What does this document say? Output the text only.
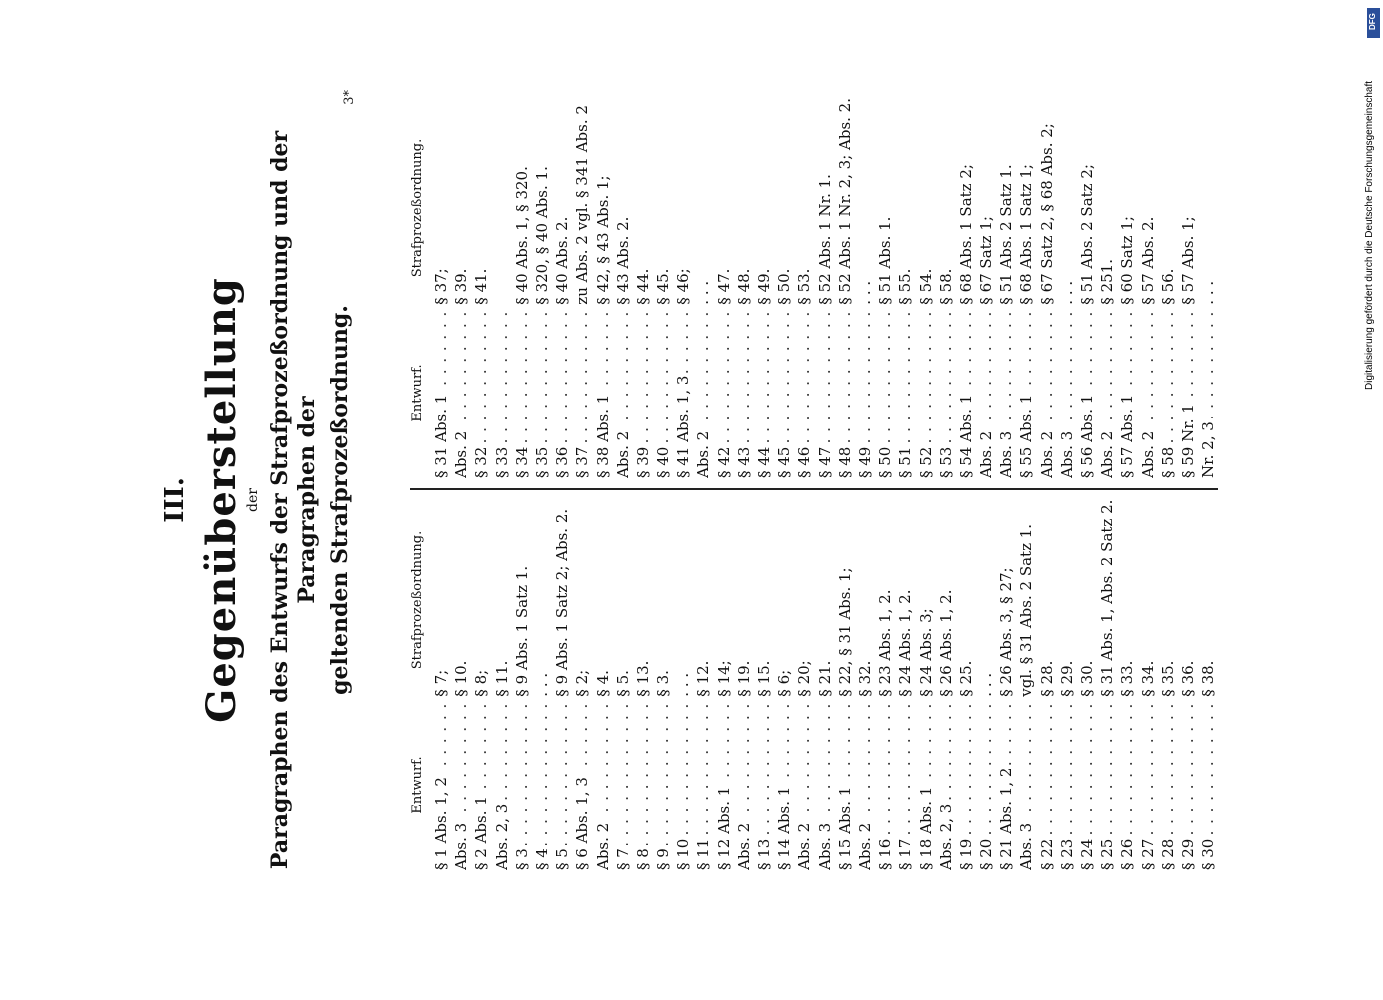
III. Gegenüberstellung der Paragraphen des Entwurfs der Strafprozeßordnung und der Paragraphen der geltenden Strafprozeßordnung.
3*
Entwurf.
Strafprozeßordnung.
§ 1 Abs. 1, 2 . . .
§ 7;
Abs. 3 . . .
§ 10.
§ 2 Abs. 1 . . .
§ 8;
Abs. 2, 3 . . .
§ 11.
§ 3 . . .
§ 9 Abs. 1 Satz 1.
§ 4 . . .
. . .
§ 5 . . .
§ 9 Abs. 1 Satz 2; Abs. 2.
§ 6 Abs. 1, 3 . . .
§ 2;
Abs. 2 . . .
§ 4.
§ 7 . . .
§ 5.
§ 8 . . .
§ 13.
§ 9 . . .
§ 3.
§ 10 . . .
. . .
§ 11 . . .
§ 12.
§ 12 Abs. 1 . . .
§ 14;
Abs. 2 . . .
§ 19.
§ 13 . . .
§ 15.
§ 14 Abs. 1 . . .
§ 6;
Abs. 2 . . .
§ 20;
Abs. 3 . . .
§ 21.
§ 15 Abs. 1 . . .
§ 22, § 31 Abs. 1;
Abs. 2 . . .
§ 32.
§ 16 . . .
§ 23 Abs. 1, 2.
§ 17 . . .
§ 24 Abs. 1, 2.
§ 18 Abs. 1 . . .
§ 24 Abs. 3;
Abs. 2, 3 . . .
§ 26 Abs. 1, 2.
§ 19 . . .
§ 25.
§ 20 . . .
. . .
§ 21 Abs. 1, 2 . . .
§ 26 Abs. 3, § 27;
Abs. 3 . . .
vgl. § 31 Abs. 2 Satz 1.
§ 22 . . .
§ 28.
§ 23 . . .
§ 29.
§ 24 . . .
§ 30.
§ 25 . . .
§ 31 Abs. 1, Abs. 2 Satz 2.
§ 26 . . .
§ 33.
§ 27 . . .
§ 34.
§ 28 . . .
§ 35.
§ 29 . . .
§ 36.
§ 30 . . .
§ 38.
Entwurf.
Strafprozeßordnung.
§ 31 Abs. 1 . . .
§ 37;
Abs. 2 . . .
§ 39.
§ 32 . . .
§ 41.
§ 33 . . . § 34 . . .
§ 40 Abs. 1, § 320.
§ 35 . . .
§ 320, § 40 Abs. 1.
§ 36 . . .
§ 40 Abs. 2.
§ 37 . . .
zu Abs. 2 vgl. § 341 Abs. 2
§ 38 Abs. 1 . . .
§ 42, § 43 Abs. 1;
Abs. 2 . . .
§ 43 Abs. 2.
§ 39 . . .
§ 44.
§ 40 . . .
§ 45.
§ 41 Abs. 1, 3 . . .
§ 46;
Abs. 2 . . .
. . .
§ 42 . . .
§ 47.
§ 43 . . .
§ 48.
§ 44 . . .
§ 49.
§ 45 . . .
§ 50.
§ 46 . . .
§ 53.
§ 47 . . .
§ 52 Abs. 1 Nr. 1.
§ 48 . . .
§ 52 Abs. 1 Nr. 2, 3; Abs. 2.
§ 49 . . .
. . .
§ 50 . . .
§ 51 Abs. 1.
§ 51 . . .
§ 55.
§ 52 . . .
§ 54.
§ 53 . . .
§ 58.
§ 54 Abs. 1 . . .
§ 68 Abs. 1 Satz 2;
Abs. 2 . . .
§ 67 Satz 1;
Abs. 3 . . .
§ 51 Abs. 2 Satz 1.
§ 55 Abs. 1 . . .
§ 68 Abs. 1 Satz 1;
Abs. 2 . . .
§ 67 Satz 2, § 68 Abs. 2;
Abs. 3 . . .
. . .
§ 56 Abs. 1 . . .
§ 51 Abs. 2 Satz 2;
Abs. 2 . . .
§ 251.
§ 57 Abs. 1 . . .
§ 60 Satz 1;
Abs. 2 . . .
§ 57 Abs. 2.
§ 58 . . .
§ 56.
§ 59 Nr. 1 . . .
§ 57 Abs. 1;
Nr. 2, 3 . . .
. . .	Digitalisierung gefördert durch die Deutsche Forschungsgemeinschaft
DFG
